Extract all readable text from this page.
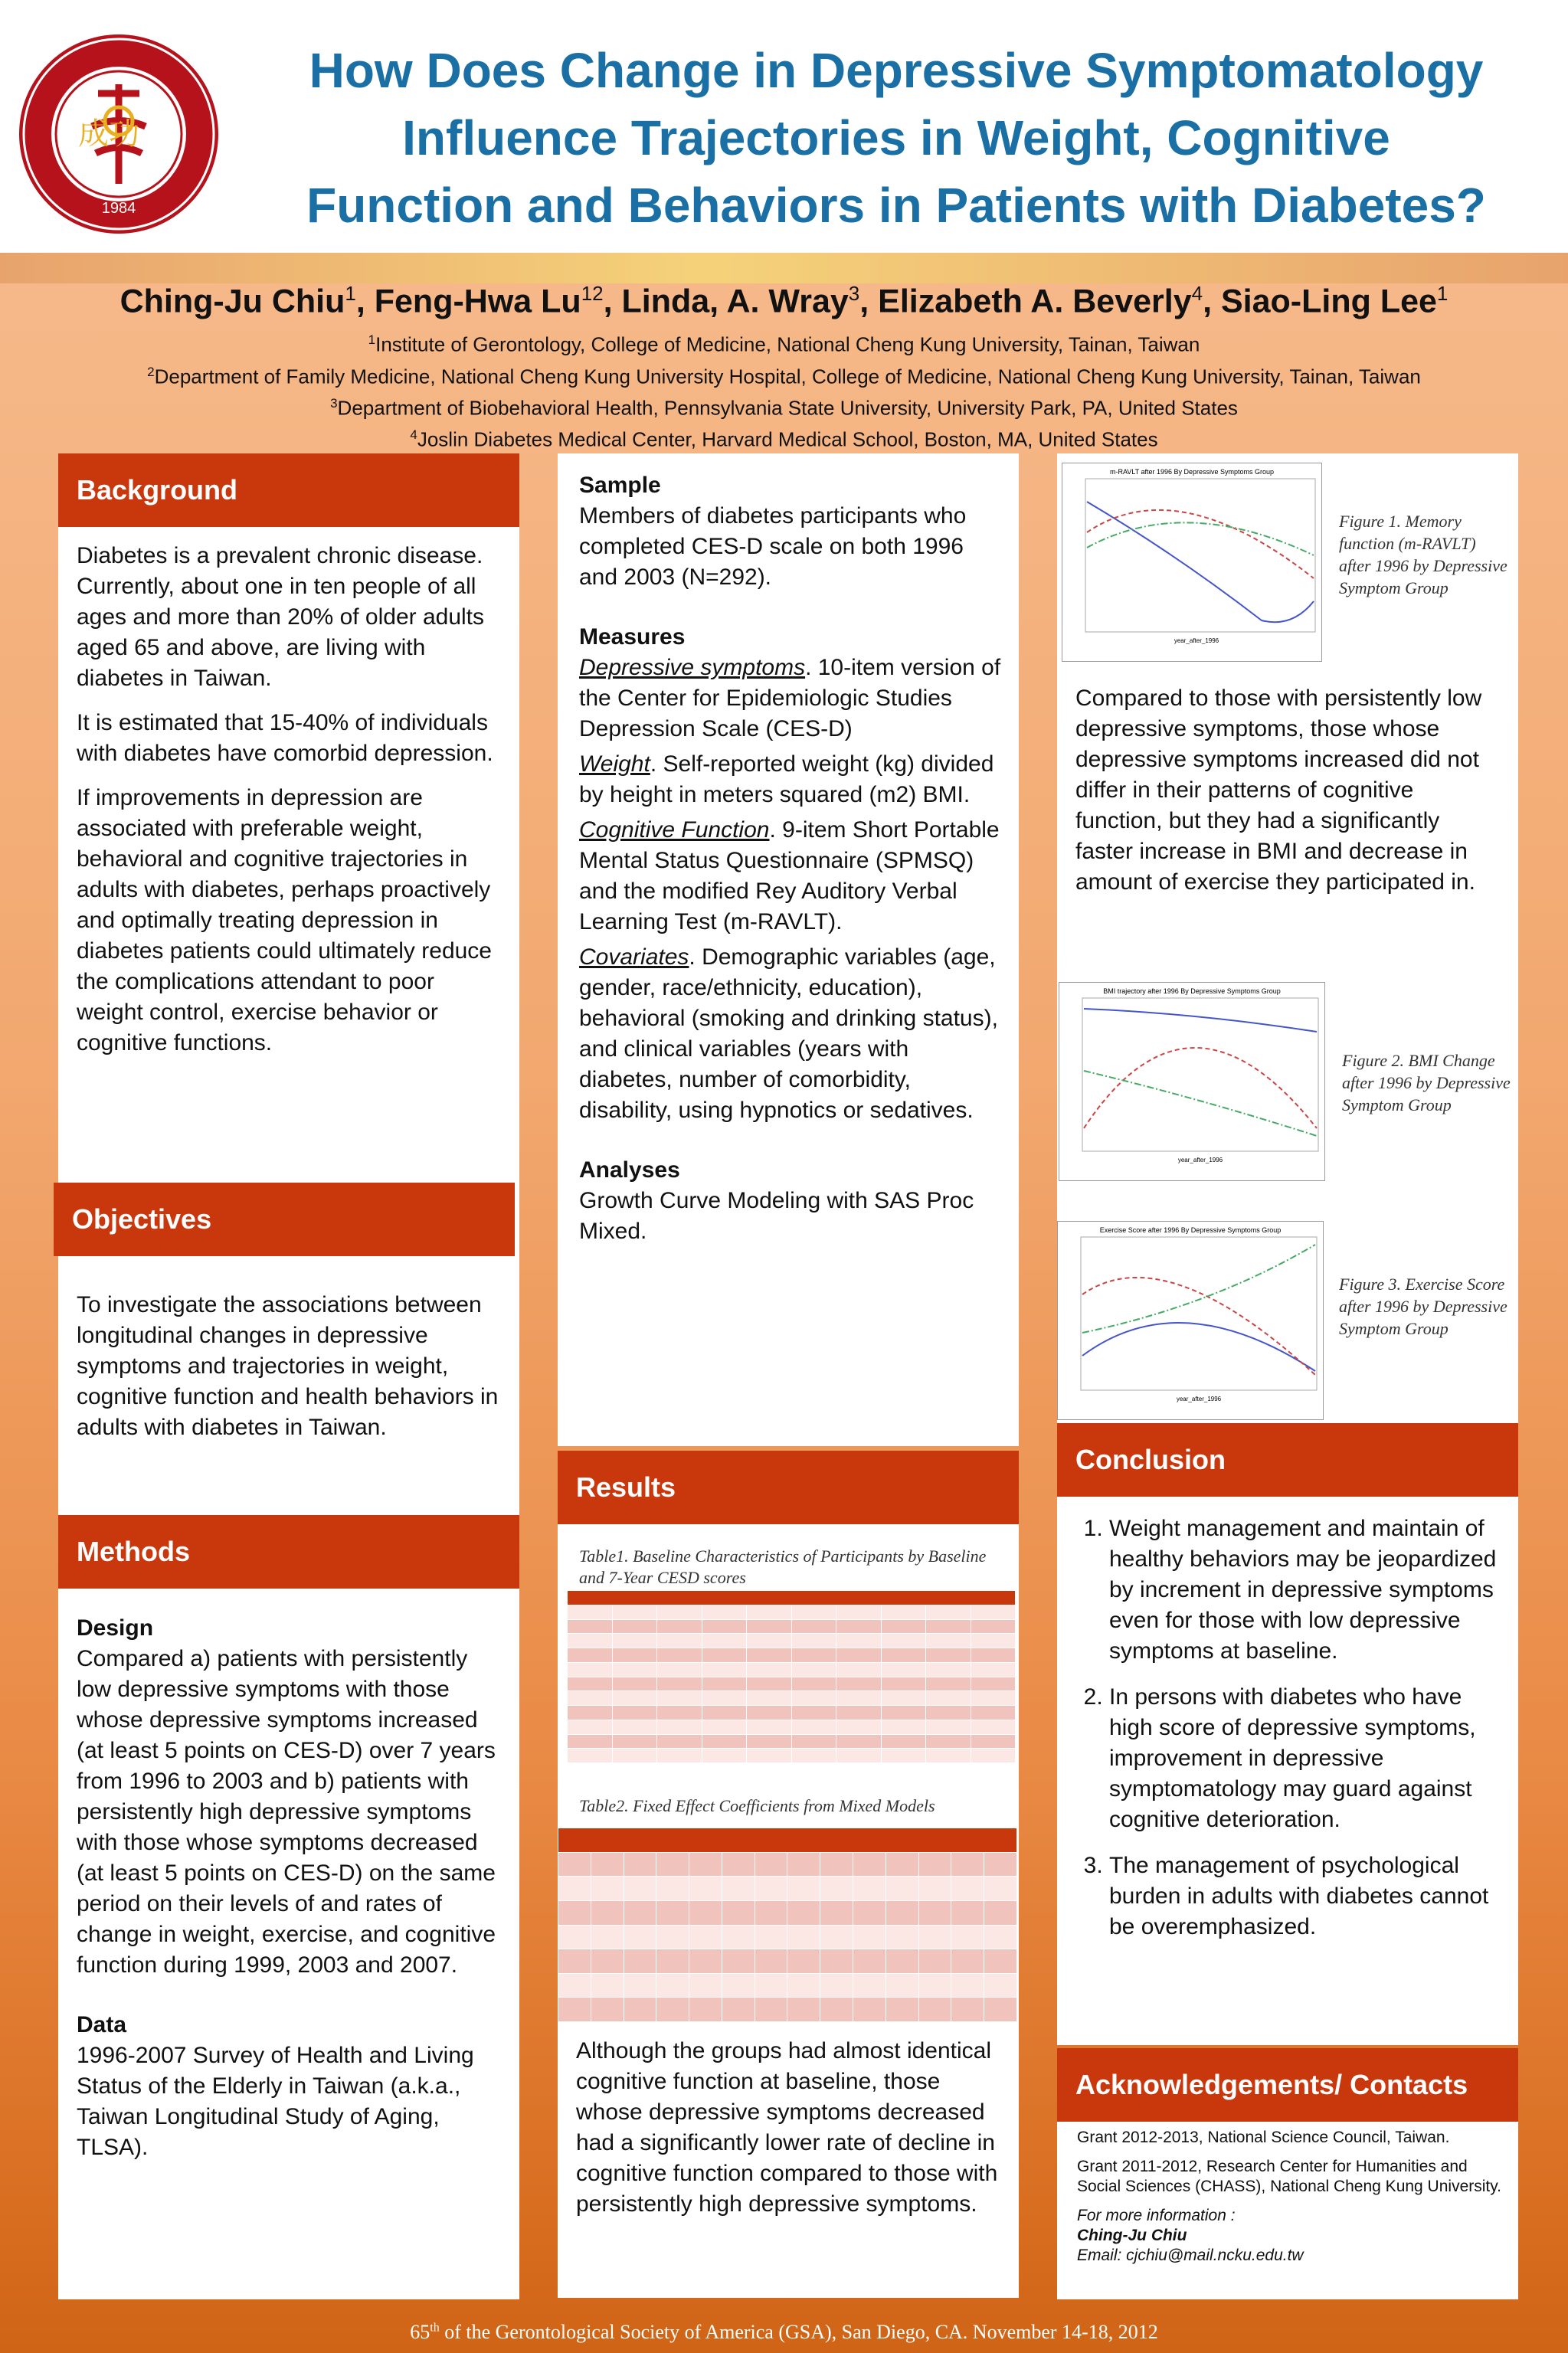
成功
1984
How Does Change in Depressive Symptomatology
Influence Trajectories in Weight, Cognitive
Function and Behaviors in Patients with Diabetes?
Ching-Ju Chiu$^1$, Feng-Hwa Lu$^{12}$, Linda, A. Wray$^3$, Elizabeth A. Beverly$^4$, Siao-Ling Lee$^1$
$^1$Institute of Gerontology, College of Medicine, National Cheng Kung University, Tainan, Taiwan
$^2$Department of Family Medicine, National Cheng Kung University Hospital, College of Medicine, National Cheng Kung University, Tainan, Taiwan
$^3$Department of Biobehavioral Health, Pennsylvania State University, University Park, PA, United States
$^4$Joslin Diabetes Medical Center, Harvard Medical School, Boston, MA, United States
Background

Diabetes is a prevalent chronic disease. Currently, about one in ten people of all ages and more than 20% of older adults aged 65 and above, are living with diabetes in Taiwan.

It is estimated that 15-40% of individuals with diabetes have comorbid depression.

If improvements in depression are associated with preferable weight, behavioral and cognitive trajectories in adults with diabetes, perhaps proactively and optimally treating depression in diabetes patients could ultimately reduce the complications attendant to poor weight control, exercise behavior or cognitive functions.

Objectives
To investigate the associations between longitudinal changes in depressive symptoms and trajectories in weight, cognitive function and health behaviors in adults with diabetes in Taiwan.
Methods
Design
Compared a) patients with persistently low depressive symptoms with those whose depressive symptoms increased (at least 5 points on CES-D) over 7 years from 1996 to 2003 and b) patients with persistently high depressive symptoms with those whose symptoms decreased (at least 5 points on CES-D) on the same period on their levels of and rates of change in weight, exercise, and cognitive function during 1999, 2003 and 2007.
Data
1996-2007 Survey of Health and Living Status of the Elderly in Taiwan (a.k.a., Taiwan Longitudinal Study of Aging, TLSA).
Sample
Members of diabetes participants who completed CES-D scale on both 1996 and 2003 (N=292).
Measures
Depressive symptoms. 10-item version of the Center for Epidemiologic Studies Depression Scale (CES-D)
Weight. Self-reported weight (kg) divided by height in meters squared (m2) BMI.
Cognitive Function. 9-item Short Portable Mental Status Questionnaire (SPMSQ) and the modified Rey Auditory Verbal Learning Test (m-RAVLT).
Covariates. Demographic variables (age, gender, race/ethnicity, education), behavioral (smoking and drinking status), and clinical variables (years with diabetes, number of comorbidity, disability, using hypnotics or sedatives.
Analyses
Growth Curve Modeling with SAS Proc Mixed.
Results
Table1. Baseline Characteristics of Participants by Baseline and 7-Year CESD scores

Table2. Fixed Effect Coefficients from Mixed Models

Although the groups had almost identical cognitive function at baseline, those whose depressive symptoms decreased had a significantly lower rate of decline in cognitive function compared to those with persistently high depressive symptoms.
m-RAVLT after 1996 By Depressive Symptoms Group
year_after_1996
Figure 1. Memory function (m-RAVLT) after 1996 by Depressive Symptom Group
Compared to those with persistently low depressive symptoms, those whose depressive symptoms increased did not differ in their patterns of cognitive function, but they had a significantly faster increase in BMI and decrease in amount of exercise they participated in.
BMI trajectory after 1996 By Depressive Symptoms Group
year_after_1996
Figure 2. BMI Change after 1996 by Depressive Symptom Group
Exercise Score after 1996 By Depressive Symptoms Group
year_after_1996
Figure 3. Exercise Score after 1996 by Depressive Symptom Group
Conclusion
1. Weight management and maintain of healthy behaviors may be jeopardized by increment in depressive symptoms even for those with low depressive symptoms at baseline.
2. In persons with diabetes who have high score of depressive symptoms, improvement in depressive symptomatology may guard against cognitive deterioration.
3. The management of psychological burden in adults with diabetes cannot be overemphasized.
Acknowledgements/ Contacts
Grant 2012-2013, National Science Council, Taiwan.
Grant 2011-2012, Research Center for Humanities and Social Sciences (CHASS), National Cheng Kung University.
For more information :
Ching-Ju Chiu
Email: cjchiu@mail.ncku.edu.tw
65th of the Gerontological Society of America (GSA), San Diego, CA. November 14-18, 2012
